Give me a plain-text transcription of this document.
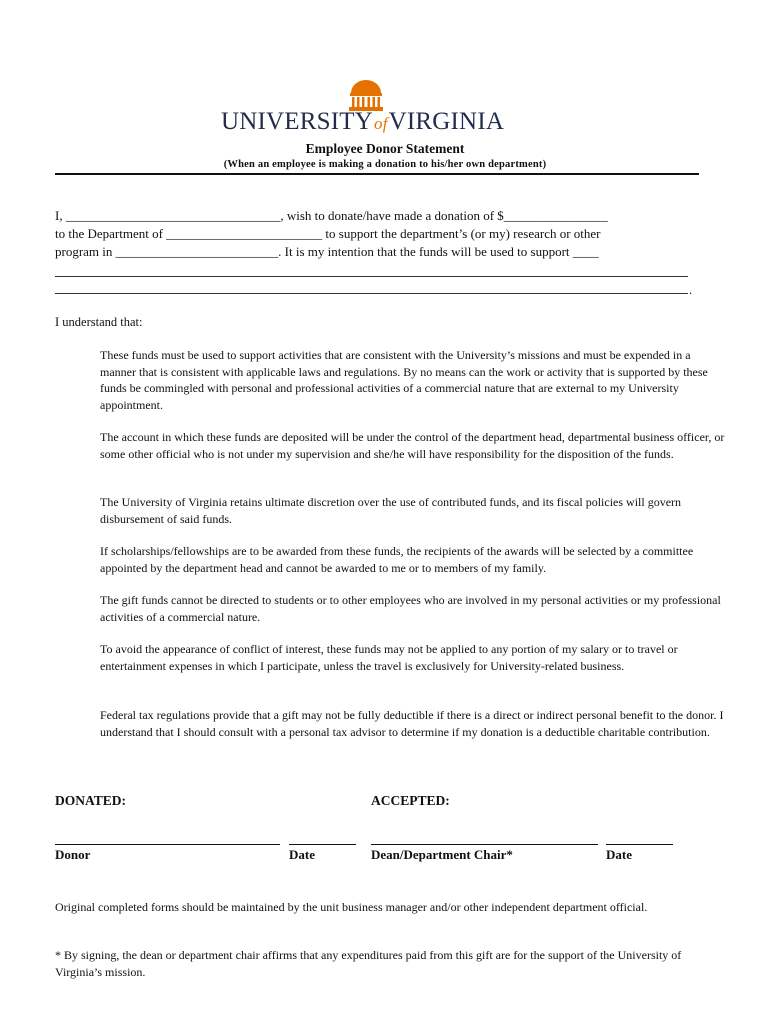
UNIVERSITYofVIRGINIA
Employee Donor Statement
(When an employee is making a donation to his/her own department)
I, _________________________________, wish to donate/have made a donation of $________________
to the Department of ________________________ to support the department’s (or my) research or other
program in _________________________. It is my intention that the funds will be used to support ____
.
I understand that:
These funds must be used to support activities that are consistent with the University’s missions and must be expended in a manner that is consistent with applicable laws and regulations. By no means can the work or activity that is supported by these funds be commingled with personal and professional activities of a commercial nature that are external to my University appointment.
The account in which these funds are deposited will be under the control of the department head, departmental business officer, or some other official who is not under my supervision and she/he will have responsibility for the disposition of the funds.
The University of Virginia retains ultimate discretion over the use of contributed funds, and its fiscal policies will govern disbursement of said funds.
If scholarships/fellowships are to be awarded from these funds, the recipients of the awards will be selected by a committee appointed by the department head and cannot be awarded to me or to members of my family.
The gift funds cannot be directed to students or to other employees who are involved in my personal activities or my professional activities of a commercial nature.
To avoid the appearance of conflict of interest, these funds may not be applied to any portion of my salary or to travel or entertainment expenses in which I participate, unless the travel is exclusively for University-related business.
Federal tax regulations provide that a gift may not be fully deductible if there is a direct or indirect personal benefit to the donor. I understand that I should consult with a personal tax advisor to determine if my donation is a deductible charitable contribution.
DONATED:	ACCEPTED:
Donor	Date	Dean/Department Chair*	Date
Original completed forms should be maintained by the unit business manager and/or other independent department official.
* By signing, the dean or department chair affirms that any expenditures paid from this gift are for the support of the University of Virginia’s mission.
